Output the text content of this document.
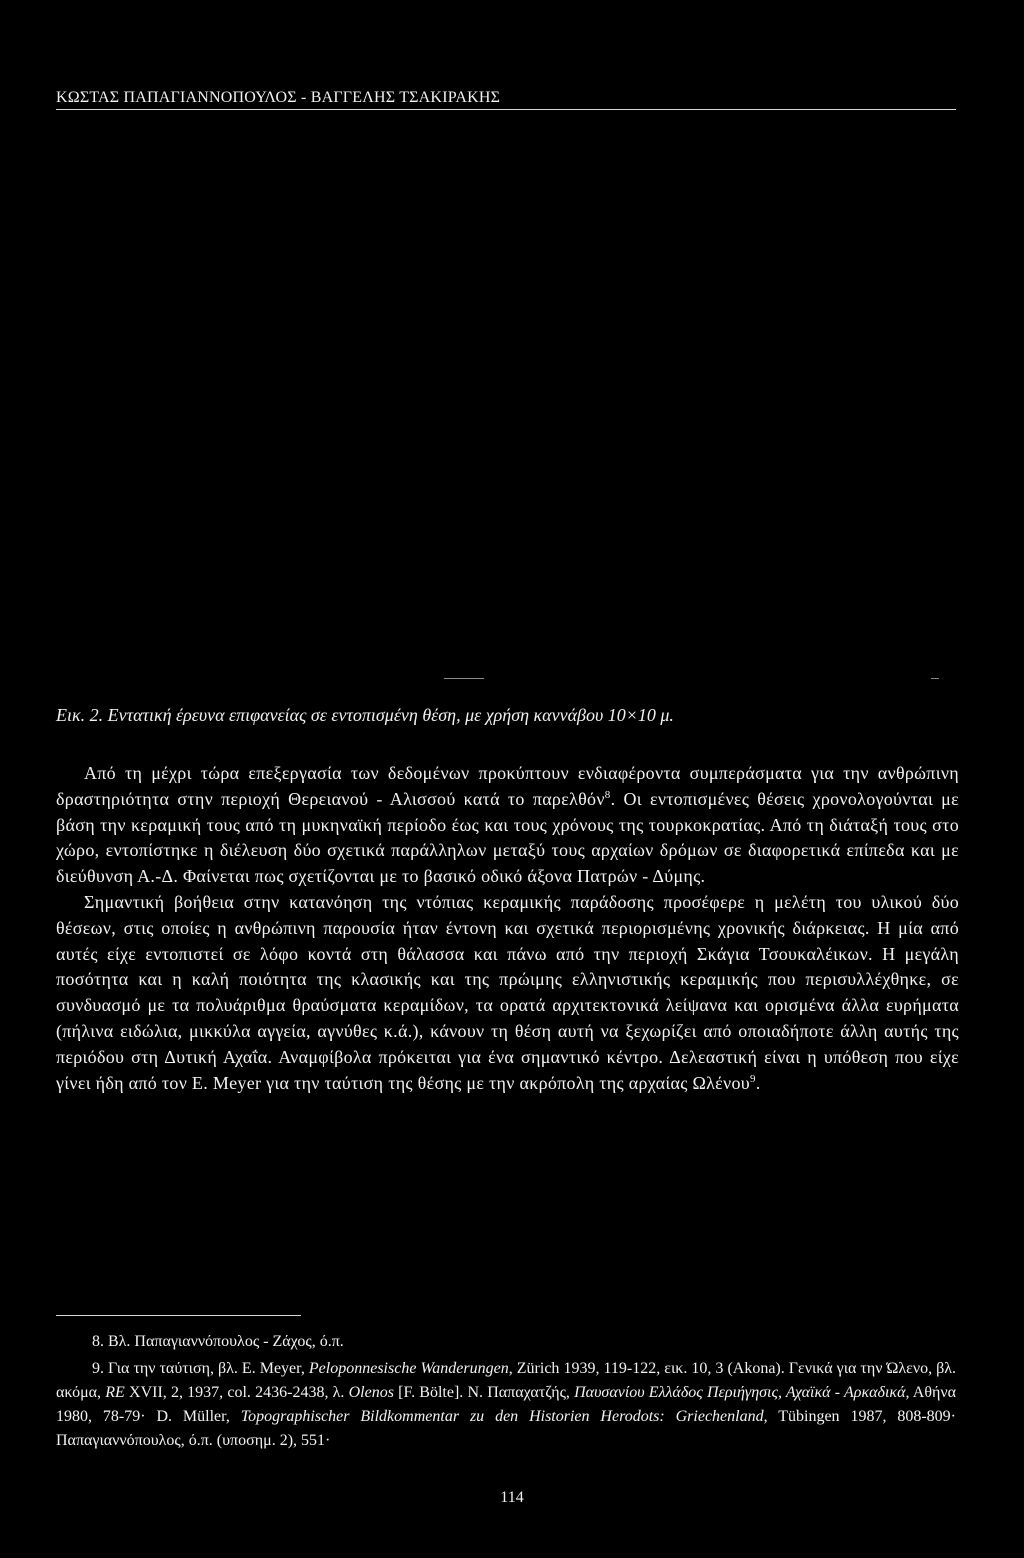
ΚΩΣΤΑΣ ΠΑΠΑΓΙΑΝΝΟΠΟΥΛΟΣ - ΒΑΓΓΕΛΗΣ ΤΣΑΚΙΡΑΚΗΣ
Εικ. 2. Εντατική έρευνα επιφανείας σε εντοπισμένη θέση, με χρήση καννάβου 10×10 μ.

Από τη μέχρι τώρα επεξεργασία των δεδομένων προκύπτουν ενδιαφέροντα συμπεράσματα για την ανθρώπινη δραστηριότητα στην περιοχή Θερειανού - Αλισσού κατά το παρελθόν$^8$. Οι εντοπισμένες θέσεις χρονολογούνται με βάση την κεραμική τους από τη μυκηναϊκή περίοδο έως και τους χρόνους της τουρκοκρατίας. Από τη διάταξή τους στο χώρο, εντοπίστηκε η διέλευση δύο σχετικά παράλληλων μεταξύ τους αρχαίων δρόμων σε διαφορετικά επίπεδα και με διεύθυνση Α.-Δ. Φαίνεται πως σχετίζονται με το βασικό οδικό άξονα Πατρών - Δύμης.

Σημαντική βοήθεια στην κατανόηση της ντόπιας κεραμικής παράδοσης προσέφερε η μελέτη του υλικού δύο θέσεων, στις οποίες η ανθρώπινη παρουσία ήταν έντονη και σχετικά περιορισμένης χρονικής διάρκειας. Η μία από αυτές είχε εντοπιστεί σε λόφο κοντά στη θάλασσα και πάνω από την περιοχή Σκάγια Τσουκαλέικων. Η μεγάλη ποσότητα και η καλή ποιότητα της κλασικής και της πρώιμης ελληνιστικής κεραμικής που περισυλλέχθηκε, σε συνδυασμό με τα πολυάριθμα θραύσματα κεραμίδων, τα ορατά αρχιτεκτονικά λείψανα και ορισμένα άλλα ευρήματα (πήλινα ειδώλια, μικκύλα αγγεία, αγνύθες κ.ά.), κάνουν τη θέση αυτή να ξεχωρίζει από οποιαδήποτε άλλη αυτής της περιόδου στη Δυτική Αχαΐα. Αναμφίβολα πρόκειται για ένα σημαντικό κέντρο. Δελεαστική είναι η υπόθεση που είχε γίνει ήδη από τον E. Meyer για την ταύτιση της θέσης με την ακρόπολη της αρχαίας Ωλένου$^9$.

8. Βλ. Παπαγιαννόπουλος - Ζάχος, ό.π.

9. Για την ταύτιση, βλ. E. Meyer, Peloponnesische Wanderungen, Zürich 1939, 119-122, εικ. 10, 3 (Akona). Γενικά για την Ώλενο, βλ. ακόμα, RE XVII, 2, 1937, col. 2436-2438, λ. Olenos [F. Bölte]. Ν. Παπαχατζής, Παυσανίου Ελλάδος Περιήγησις, Αχαϊκά - Αρκαδικά, Αθήνα 1980, 78-79· D. Müller, Topographischer Bildkommentar zu den Historien Herodots: Griechenland, Tübingen 1987, 808-809· Παπαγιαννόπουλος, ό.π. (υποσημ. 2), 551·

114
